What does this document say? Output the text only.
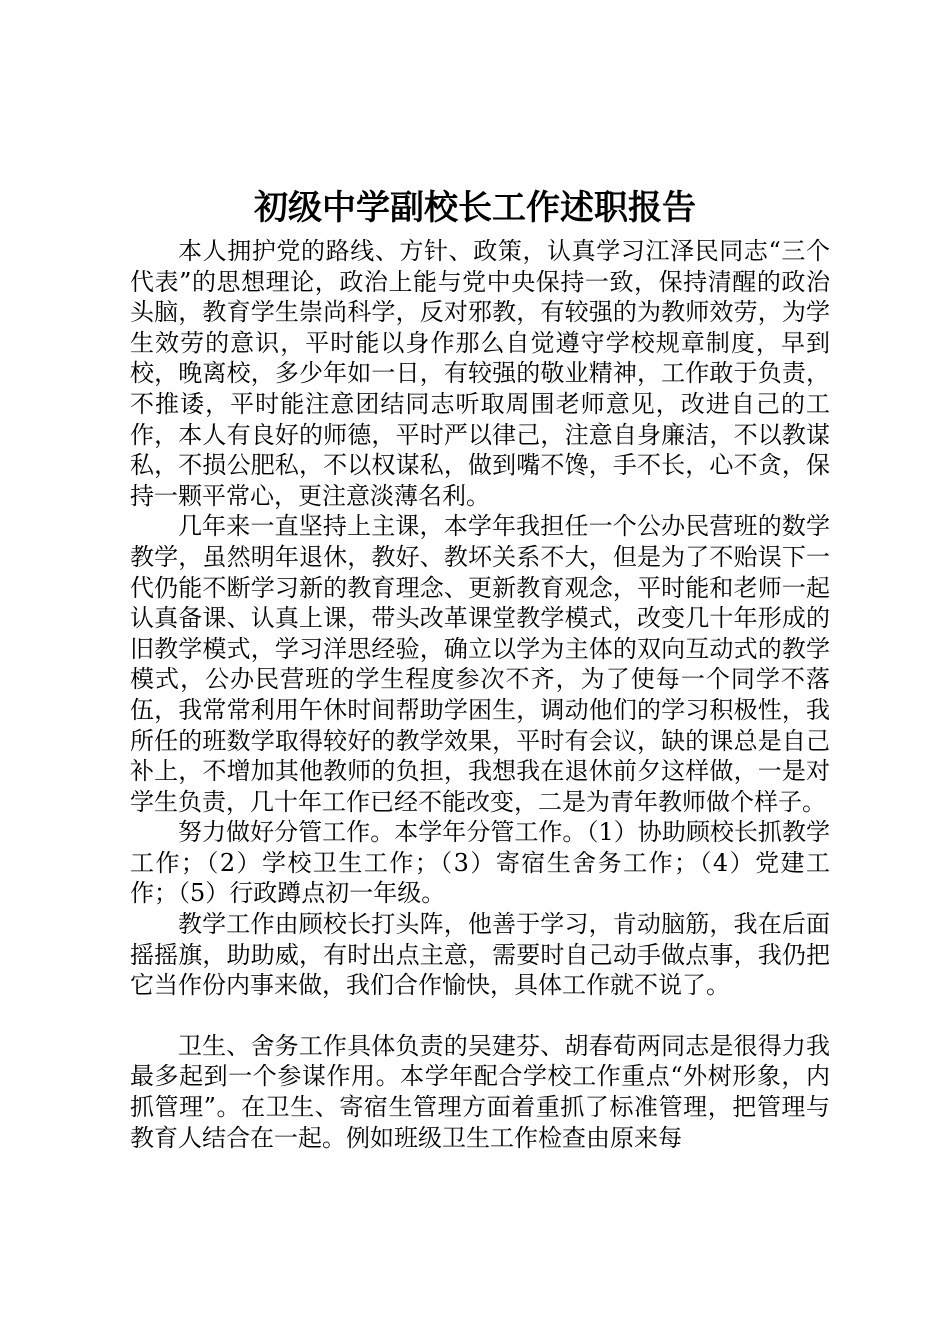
初级中学副校长工作述职报告

本人拥护党的路线、方针、政策，认真学习江泽民同志“三个代表”的思想理论，政治上能与党中央保持一致，保持清醒的政治头脑，教育学生崇尚科学，反对邪教，有较强的为教师效劳，为学生效劳的意识，平时能以身作那么自觉遵守学校规章制度，早到校，晚离校，多少年如一日，有较强的敬业精神，工作敢于负责，不推诿，平时能注意团结同志听取周围老师意见，改进自己的工作，本人有良好的师德，平时严以律己，注意自身廉洁，不以教谋私，不损公肥私，不以权谋私，做到嘴不馋，手不长，心不贪，保持一颗平常心，更注意淡薄名利。

几年来一直坚持上主课，本学年我担任一个公办民营班的数学教学，虽然明年退休，教好、教坏关系不大，但是为了不贻误下一代仍能不断学习新的教育理念、更新教育观念，平时能和老师一起认真备课、认真上课，带头改革课堂教学模式，改变几十年形成的旧教学模式，学习洋思经验，确立以学为主体的双向互动式的教学模式，公办民营班的学生程度参次不齐，为了使每一个同学不落伍，我常常利用午休时间帮助学困生，调动他们的学习积极性，我所任的班数学取得较好的教学效果，平时有会议，缺的课总是自己补上，不增加其他教师的负担，我想我在退休前夕这样做，一是对学生负责，几十年工作已经不能改变，二是为青年教师做个样子。

努力做好分管工作。本学年分管工作。（1）协助顾校长抓教学工作；（2）学校卫生工作；（3）寄宿生舍务工作；（4）党建工作；（5）行政蹲点初一年级。

教学工作由顾校长打头阵，他善于学习，肯动脑筋，我在后面摇摇旗，助助威，有时出点主意，需要时自己动手做点事，我仍把它当作份内事来做，我们合作愉快，具体工作就不说了。

卫生、舍务工作具体负责的吴建芬、胡春荀两同志是很得力我最多起到一个参谋作用。本学年配合学校工作重点“外树形象，内抓管理”。在卫生、寄宿生管理方面着重抓了标准管理，把管理与教育人结合在一起。例如班级卫生工作检查由原来每
